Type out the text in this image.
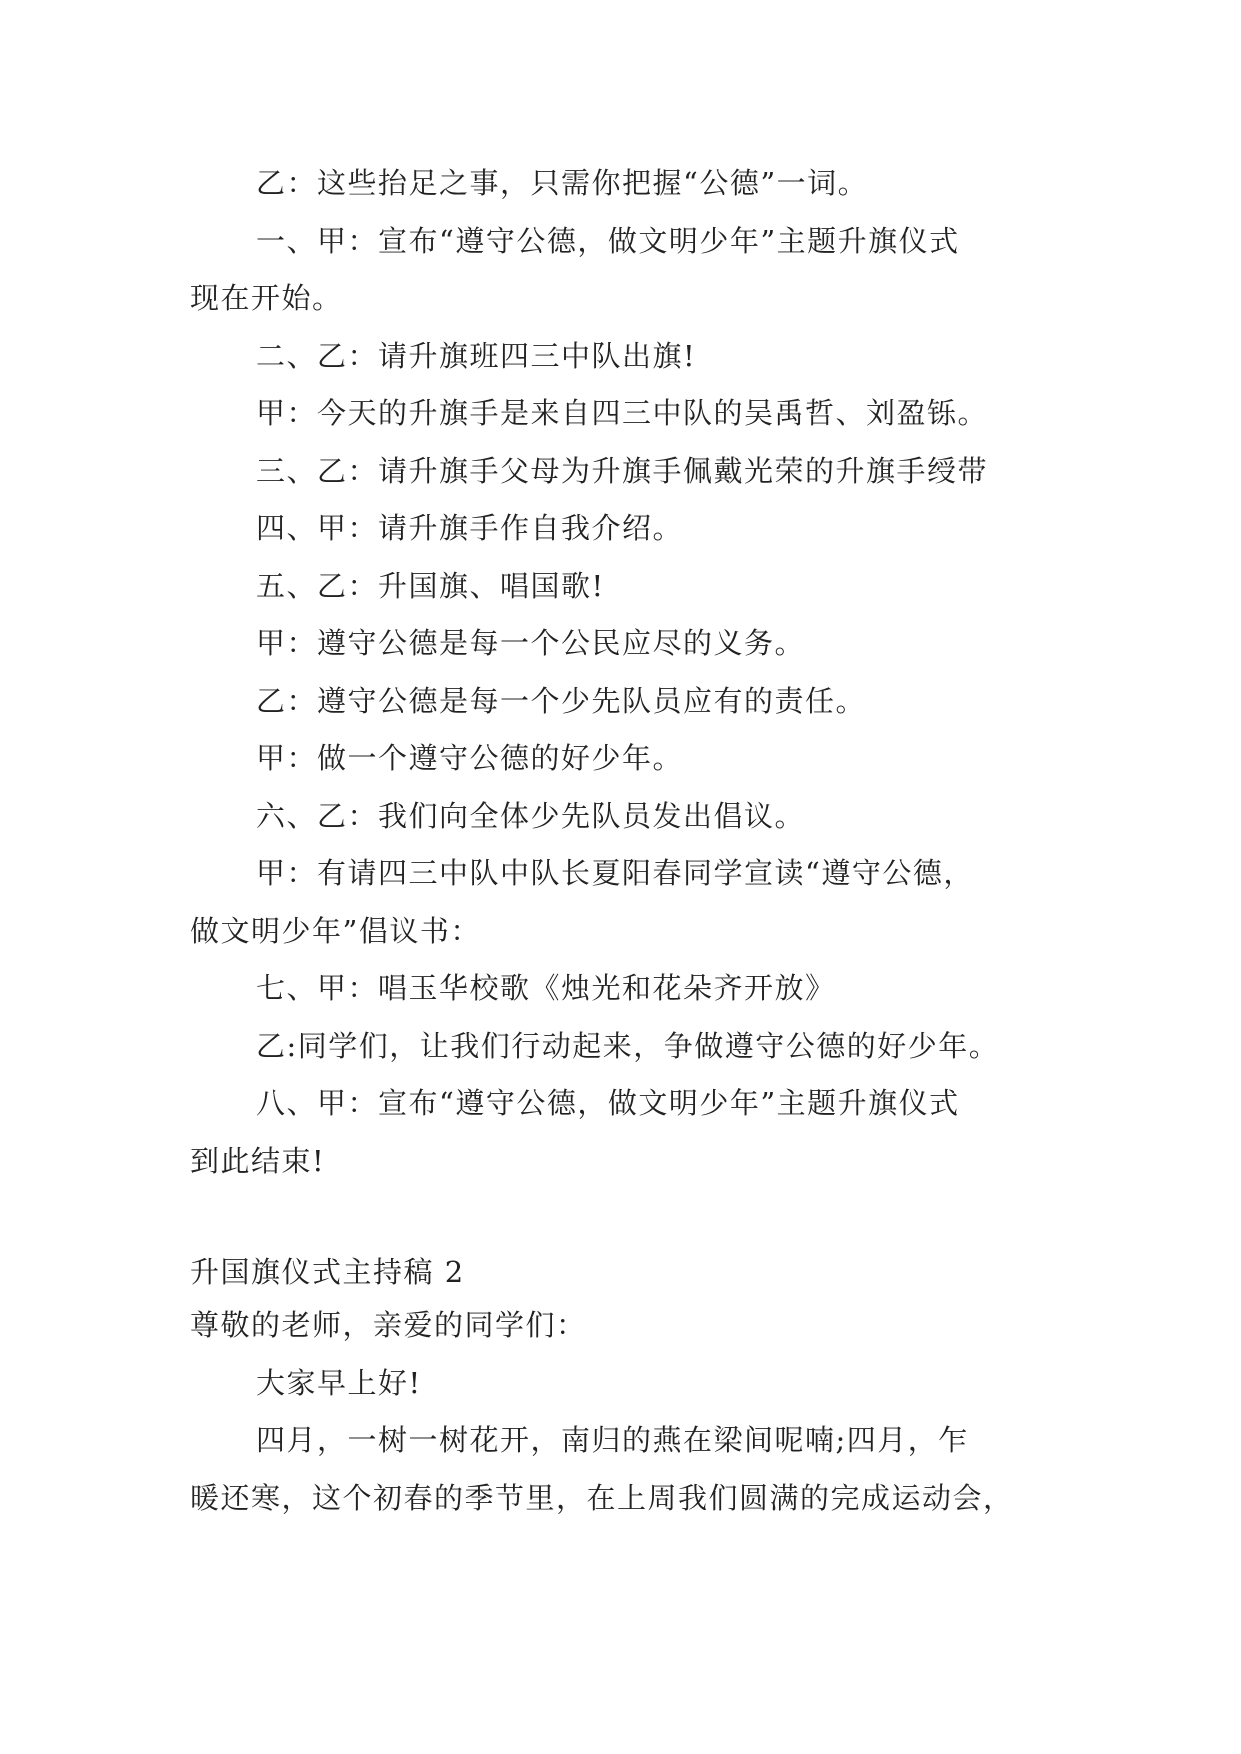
乙：这些抬足之事，只需你把握“公德”一词。
一、甲：宣布“遵守公德，做文明少年”主题升旗仪式
现在开始。
二、乙：请升旗班四三中队出旗!
甲：今天的升旗手是来自四三中队的吴禹哲、刘盈铄。
三、乙：请升旗手父母为升旗手佩戴光荣的升旗手绶带
四、甲：请升旗手作自我介绍。
五、乙：升国旗、唱国歌!
甲：遵守公德是每一个公民应尽的义务。
乙：遵守公德是每一个少先队员应有的责任。
甲：做一个遵守公德的好少年。
六、乙：我们向全体少先队员发出倡议。
甲：有请四三中队中队长夏阳春同学宣读“遵守公德，
做文明少年”倡议书：
七、甲：唱玉华校歌《烛光和花朵齐开放》
乙:同学们，让我们行动起来，争做遵守公德的好少年。
八、甲：宣布“遵守公德，做文明少年”主题升旗仪式
到此结束!
升国旗仪式主持稿 2
尊敬的老师，亲爱的同学们：
大家早上好!
四月，一树一树花开，南归的燕在梁间呢喃;四月，乍
暖还寒，这个初春的季节里，在上周我们圆满的完成运动会，
